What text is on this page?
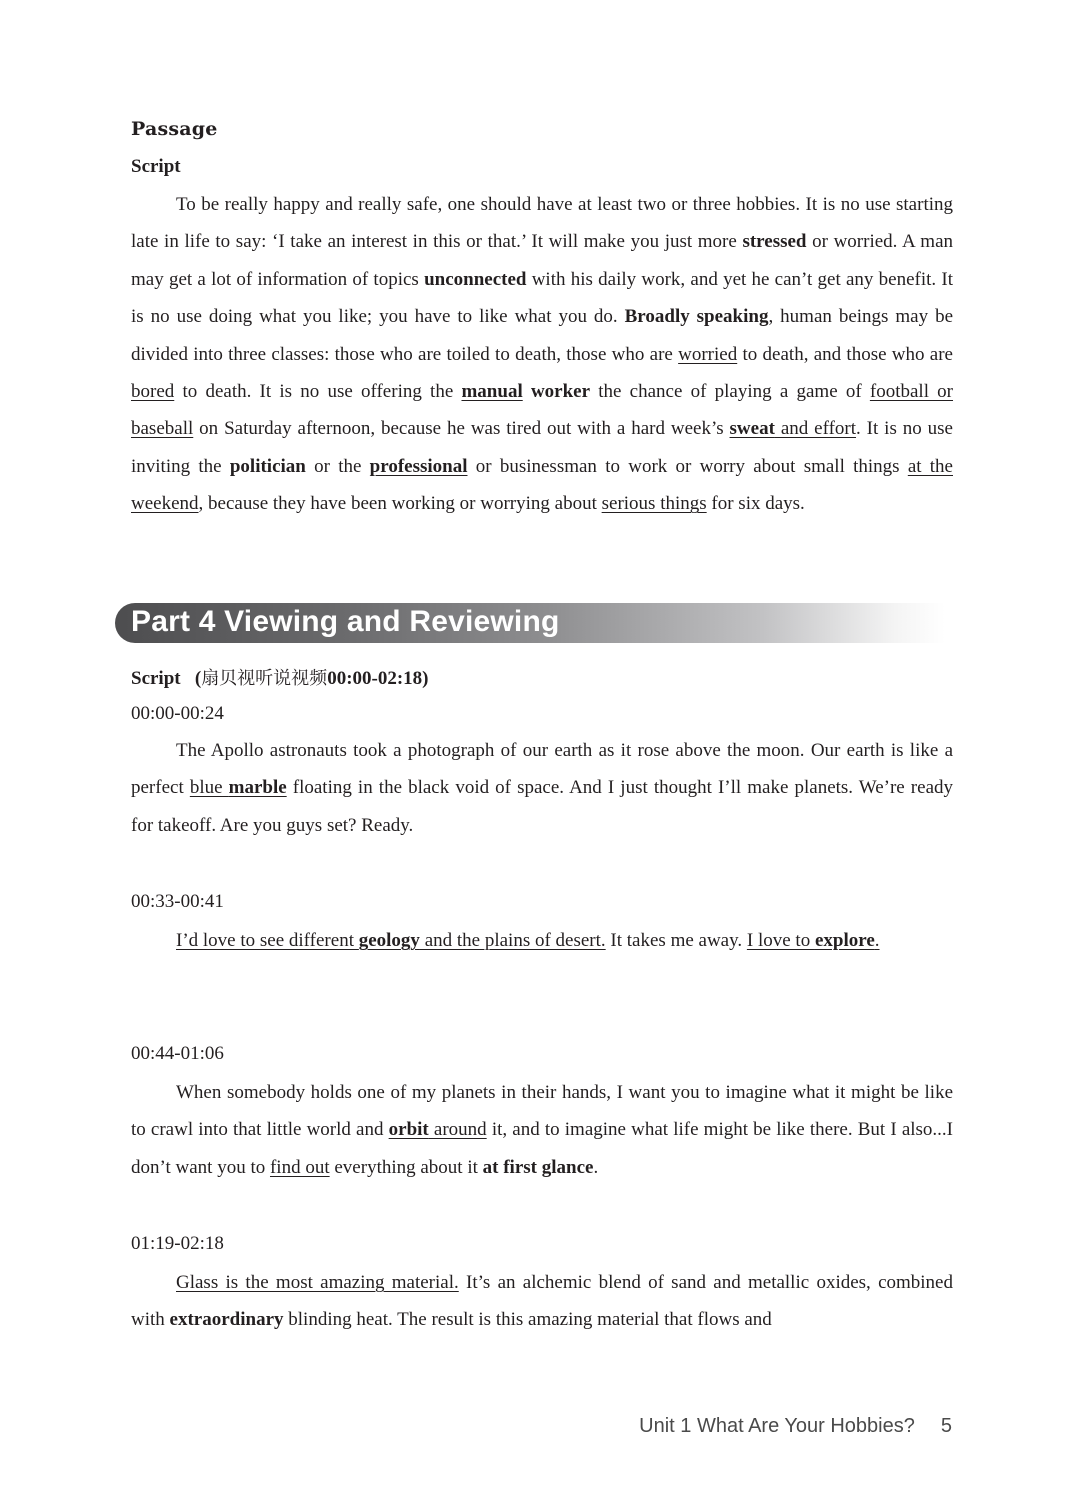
Passage
Script

To be really happy and really safe, one should have at least two or three hobbies. It is no use starting late in life to say: ‘I take an interest in this or that.’ It will make you just more stressed or worried. A man may get a lot of information of topics unconnected with his daily work, and yet he can’t get any benefit. It is no use doing what you like; you have to like what you do. Broadly speaking, human beings may be divided into three classes: those who are toiled to death, those who are worried to death, and those who are bored to death. It is no use offering the manual worker the chance of playing a game of football or baseball on Saturday afternoon, because he was tired out with a hard week’s sweat and effort. It is no use inviting the politician or the professional or businessman to work or worry about small things at the weekend, because they have been working or worrying about serious things for six days.

Part 4 Viewing and Reviewing
Script (扇贝视听说视频00:00-02:18)
00:00-00:24

The Apollo astronauts took a photograph of our earth as it rose above the moon. Our earth is like a perfect blue marble floating in the black void of space. And I just thought I’ll make planets. We’re ready for takeoff. Are you guys set? Ready.

00:33-00:41

I’d love to see different geology and the plains of desert. It takes me away. I love to explore.

00:44-01:06

When somebody holds one of my planets in their hands, I want you to imagine what it might be like to crawl into that little world and orbit around it, and to imagine what life might be like there. But I also...I don’t want you to find out everything about it at first glance.

01:19-02:18

Glass is the most amazing material. It’s an alchemic blend of sand and metallic oxides, combined with extraordinary blinding heat. The result is this amazing material that flows and

Unit 1 What Are Your Hobbies? 5
